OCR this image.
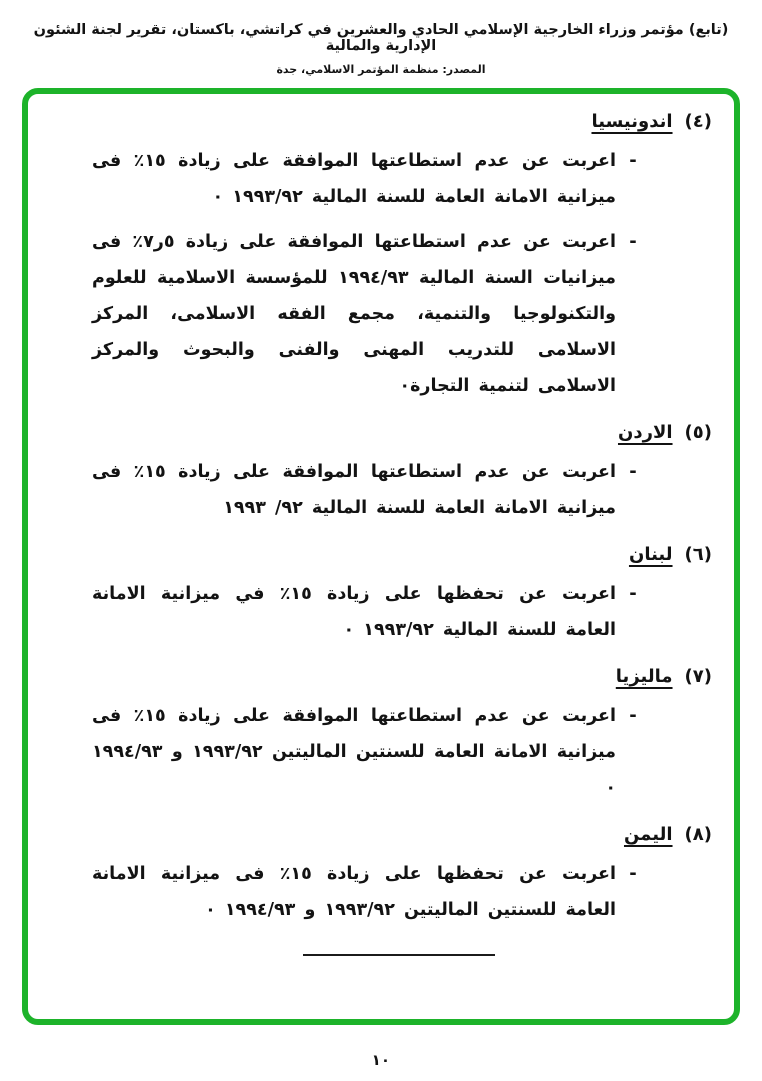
(تابع) مؤتمر وزراء الخارجية الإسلامي الحادي والعشرين في كراتشي، باكستان، تقرير لجنة الشئون الإدارية والمالية
المصدر: منظمة المؤتمر الاسلامي، جدة
(٤)
اندونيسيا
-
اعربت عن عدم استطاعتها الموافقة على زيادة ١٥٪ فى ميزانية الامانة العامة للسنة المالية ١٩٩٣/٩٢ ٠
-
اعربت عن عدم استطاعتها الموافقة على زيادة ٥ر٧٪ فى ميزانيات السنة المالية ١٩٩٤/٩٣ للمؤسسة الاسلامية للعلوم والتكنولوجيا والتنمية، مجمع الفقه الاسلامى، المركز الاسلامى للتدريب المهنى والفنى والبحوث والمركز الاسلامى لتنمية التجارة٠
(٥)
الاردن
-
اعربت عن عدم استطاعتها الموافقة على زيادة ١٥٪ فى ميزانية الامانة العامة للسنة المالية ٩٢/ ١٩٩٣
(٦)
لبنان
-
اعربت عن تحفظها على زيادة ١٥٪ في ميزانية الامانة العامة للسنة المالية ١٩٩٣/٩٢ ٠
(٧)
ماليزيا
-
اعربت عن عدم استطاعتها الموافقة على زيادة ١٥٪ فى ميزانية الامانة العامة للسنتين الماليتين ١٩٩٣/٩٢ و ١٩٩٤/٩٣ ٠
(٨)
اليمن
-
اعربت عن تحفظها على زيادة ١٥٪ فى ميزانية الامانة العامة للسنتين الماليتين ١٩٩٣/٩٢ و ١٩٩٤/٩٣ ٠
١٠
